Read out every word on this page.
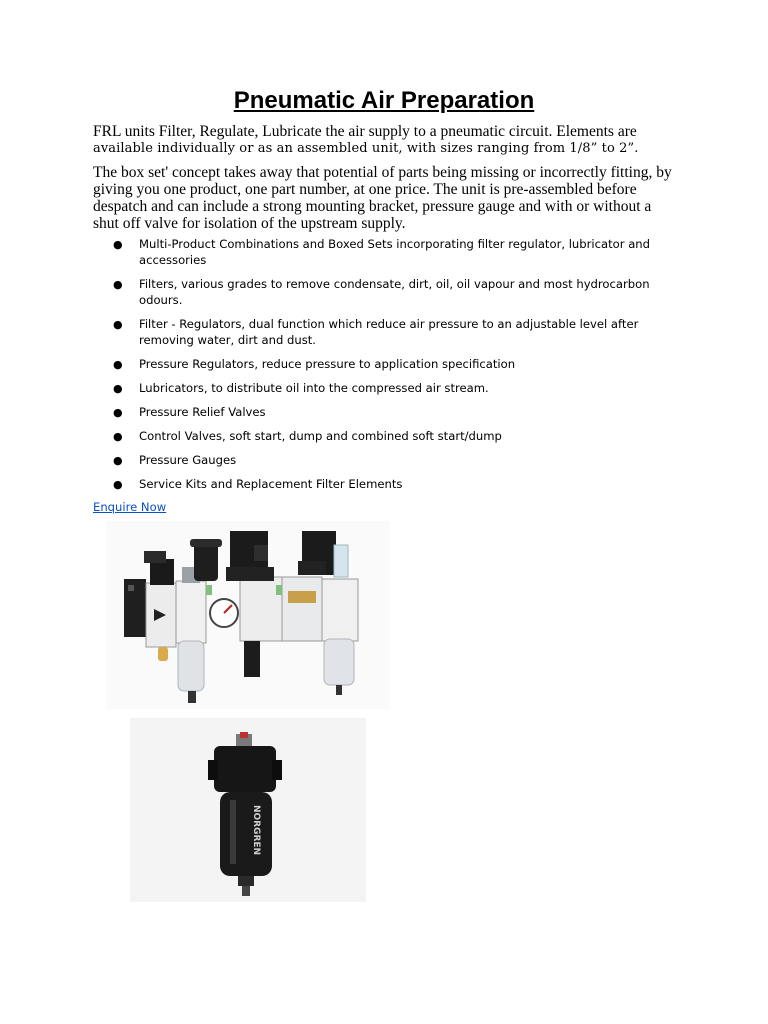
Pneumatic Air Preparation

FRL units Filter, Regulate, Lubricate the air supply to a pneumatic circuit. Elements are
available individually or as an assembled unit, with sizes ranging from 1/8” to 2”.

The box set' concept takes away that potential of parts being missing or incorrectly fitting, by
giving you one product, one part number, at one price. The unit is pre-assembled before
despatch and can include a strong mounting bracket, pressure gauge and with or without a
shut off valve for isolation of the upstream supply.

● Multi-Product Combinations and Boxed Sets incorporating filter regulator, lubricator and
accessories
● Filters, various grades to remove condensate, dirt, oil, oil vapour and most hydrocarbon
odours.
● Filter - Regulators, dual function which reduce air pressure to an adjustable level after
removing water, dirt and dust.
● Pressure Regulators, reduce pressure to application specification
● Lubricators, to distribute oil into the compressed air stream.
● Pressure Relief Valves
● Control Valves, soft start, dump and combined soft start/dump
● Pressure Gauges
● Service Kits and Replacement Filter Elements
Enquire Now
NORGREN
